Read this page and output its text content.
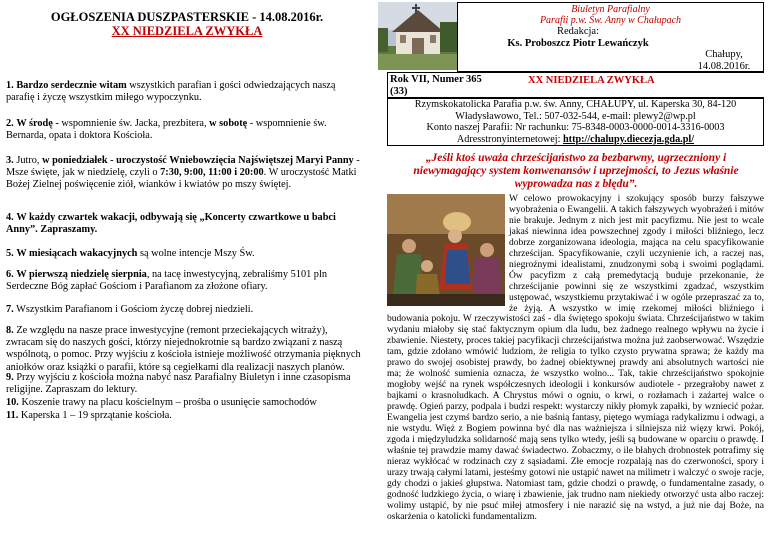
OGŁOSZENIA DUSZPASTERSKIE - 14.08.2016r.
XX NIEDZIELA ZWYKŁA
1. Bardzo serdecznie witam wszystkich parafian i gości odwiedzających naszą parafię i życzę wszystkim miłego wypoczynku.
2. W środę - wspomnienie św. Jacka, prezbitera, w sobotę - wspomnienie św. Bernarda, opata i doktora Kościoła.
3. Jutro, w poniedziałek - uroczystość Wniebowzięcia Najświętszej Maryi Panny -Msze święte, jak w niedzielę, czyli o 7:30, 9:00, 11:00 i 20:00. W uroczystość Matki Bożej Zielnej poświęcenie ziół, wianków i kwiatów po mszy świętej.
4. W każdy czwartek wakacji, odbywają się „Koncerty czwartkowe u babci Anny”. Zapraszamy.
5. W miesiącach wakacyjnych są wolne intencje Mszy Św.
6. W pierwszą niedzielę sierpnia, na tacę inwestycyjną, zebraliśmy 5101 pln Serdeczne Bóg zapłać Gościom i Parafianom za złożone ofiary.
7. Wszystkim Parafianom i Gościom życzę dobrej niedzieli.
8. Ze względu na nasze prace inwestycyjne (remont przeciekających witraży), zwracam się do naszych gości, którzy niejednokrotnie są bardzo związani z naszą wspólnotą, o pomoc. Przy wyjściu z kościoła istnieje możliwość otrzymania pięknych aniołków oraz książki o parafii, które są cegiełkami dla realizacji naszych planów.
9. Przy wyjściu z kościoła można nabyć nasz Parafialny Biuletyn i inne czasopisma religijne. Zapraszam do lektury.
10. Koszenie trawy na placu kościelnym – prośba o usunięcie samochodów
11. Kaperska 1 – 19 sprzątanie kościoła.
Biuletyn Parafialny
Parafii p.w. Św. Anny w Chałupach
Redakcja:
Ks. Proboszcz Piotr Lewańczyk
Chałupy,
14.08.2016r.
Rok VII, Numer 365
(33)
XX NIEDZIELA ZWYKŁA
Rzymskokatolicka Parafia p.w. św. Anny, CHAŁUPY, ul. Kaperska 30, 84-120
Władysławowo, Tel.: 507-032-544, e-mail: plewy2@wp.pl
Konto naszej Parafii: Nr rachunku: 75-8348-0003-0000-0014-3316-0003
Adresstronyinternetowej: http://chalupy.diecezja.gda.pl/
„Jeśli ktoś uważa chrześcijaństwo za bezbarwny, ugrzeczniony i niewymagający system konwenansów i uprzejmości, to Jezus właśnie wyprowadza nas z błędu”.
W celowo prowokacyjny i szokujący sposób burzy fałszywe wyobrażenia o Ewangelii. A takich fałszywych wyobrażeń i mitów nie brakuje. Jednym z nich jest mit pacyfizmu. Nie jest to wcale jakaś niewinna idea powszechnej zgody i miłości bliźniego, lecz dobrze zorganizowana ideologia, mająca na celu spacyfikowanie chrześcijan. Spacyfikowanie, czyli uczynienie ich, a raczej nas, niegroźnymi idealistami, znudzonymi sobą i swoimi poglądami. Ów pacyfizm z całą premedytacją buduje przekonanie, że chrześcijanie powinni się ze wszystkimi zgadzać, wszystkim ustępować, wszystkiemu przytakiwać i w ogóle przepraszać za to, że żyją. A wszystko w imię rzekomej miłości bliźniego i budowania pokoju. W rzeczywistości zaś - dla świętego spokoju świata. Chrześcijaństwo w takim wydaniu miałoby się stać faktycznym opium dla ludu, bez żadnego realnego wpływu na życie i zbawienie. Niestety, proces takiej pacyfikacji chrześcijaństwa można już zaobserwować. Wszędzie tam, gdzie zdołano wmówić ludziom, że religia to tylko czysto prywatna sprawa; że każdy ma prawo do swojej osobistej prawdy, bo żadnej obiektywnej prawdy ani absolutnych wartości nie ma; że wolność sumienia oznacza, że wszystko wolno... Tak, takie chrześcijaństwo spokojnie mogłoby wejść na rynek współczesnych ideologii i konkursów audiotele - przegrałoby nawet z bajkami o krasnoludkach. A Chrystus mówi o ogniu, o krwi, o rozłamach i zażartej walce o prawdę. Ogień parzy, podpala i budzi respekt: wystarczy nikły płomyk zapałki, by wzniecić pożar. Ewangelia jest czymś bardzo serio, a nie baśnią fantasy, piętego wymiaga radykalizmu i odwagi, a nie wstydu. Więż z Bogiem powinna być dla nas ważniejsza i silniejsza niż więzy krwi. Pokój, zgoda i międzyludzka solidarność mają sens tylko wtedy, jeśli są budowane w oparciu o prawdę. I właśnie tej prawdzie mamy dawać świadectwo. Zobaczmy, o ile błahych drobnostek potrafimy się nieraz wykłócać w rodzinach czy z sąsiadami. Złe emocje rozpalają nas do czerwoności, spory i urazy trwają całymi latami, jesteśmy gotowi nie ustąpić nawet na milimetr i walczyć o swoje racje, gdy chodzi o jakieś głupstwa. Natomiast tam, gdzie chodzi o prawdę, o fundamentalne zasady, o godność ludzkiego życia, o wiarę i zbawienie, jak trudno nam niekiedy otworzyć usta albo raczej: wolimy ustąpić, by nie psuć miłej atmosfery i nie narazić się na wstyd, a już nie daj Boże, na oskarżenia o katolicki fundamentalizm.
